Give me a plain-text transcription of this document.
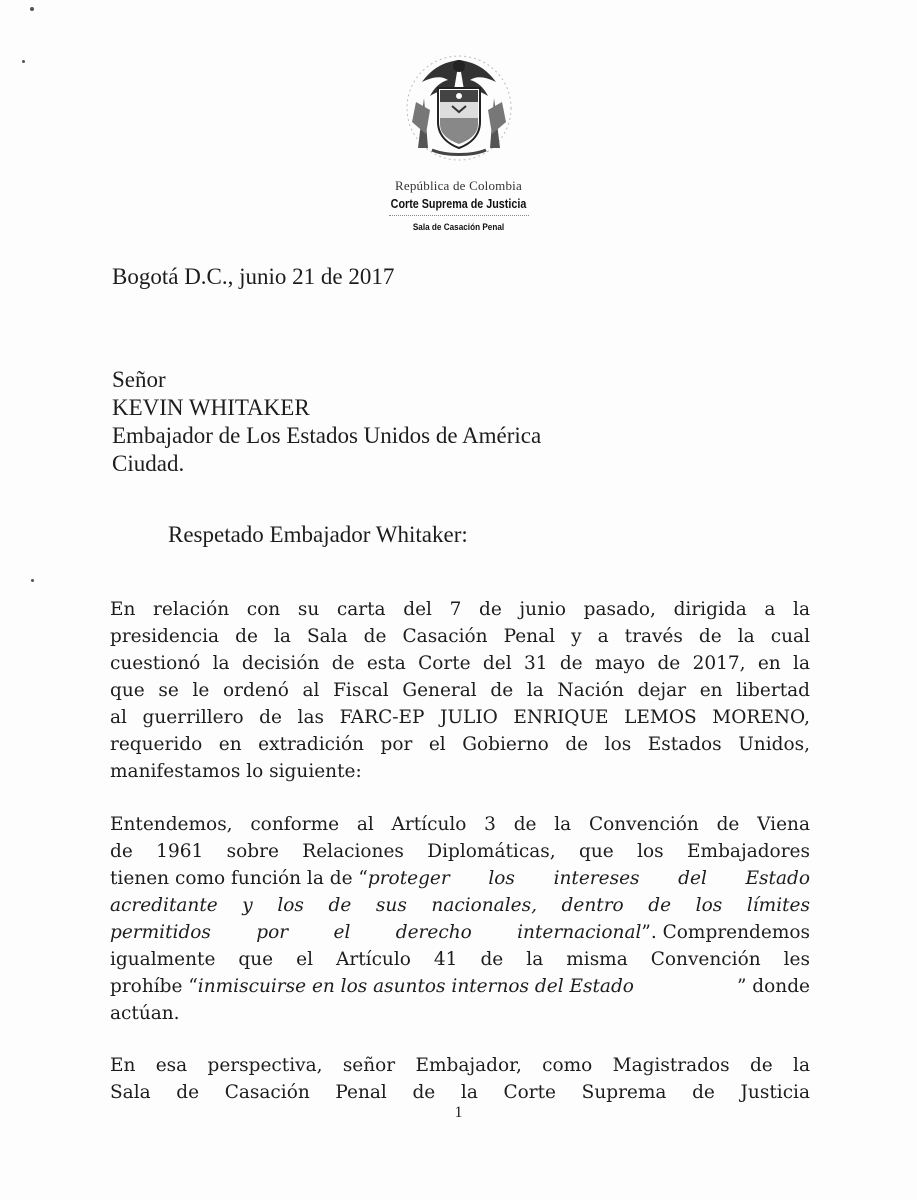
República de Colombia
Corte Suprema de Justicia
Sala de Casación Penal
Bogotá D.C., junio 21 de 2017
Señor
KEVIN WHITAKER
Embajador de Los Estados Unidos de América
Ciudad.
Respetado Embajador Whitaker:
En relación con su carta del 7 de junio pasado, dirigida a la
presidencia de la Sala de Casación Penal y a través de la cual
cuestionó la decisión de esta Corte del 31 de mayo de 2017, en la
que se le ordenó al Fiscal General de la Nación dejar en libertad
al guerrillero de las FARC-EP JULIO ENRIQUE LEMOS MORENO,
requerido en extradición por el Gobierno de los Estados Unidos,
manifestamos lo siguiente:
Entendemos, conforme al Artículo 3 de la Convención de Viena
de 1961 sobre Relaciones Diplomáticas, que los Embajadores
tienen como función la de “ proteger los intereses del Estado
acreditante y los de sus nacionales, dentro de los límites
permitidos por el derecho internacional ”. Comprendemos
igualmente que el Artículo 41 de la misma Convención les
prohíbe “ inmiscuirse en los asuntos internos del Estado	” donde
actúan.
En esa perspectiva, señor Embajador, como Magistrados de la
Sala de Casación Penal de la Corte Suprema de Justicia
1
